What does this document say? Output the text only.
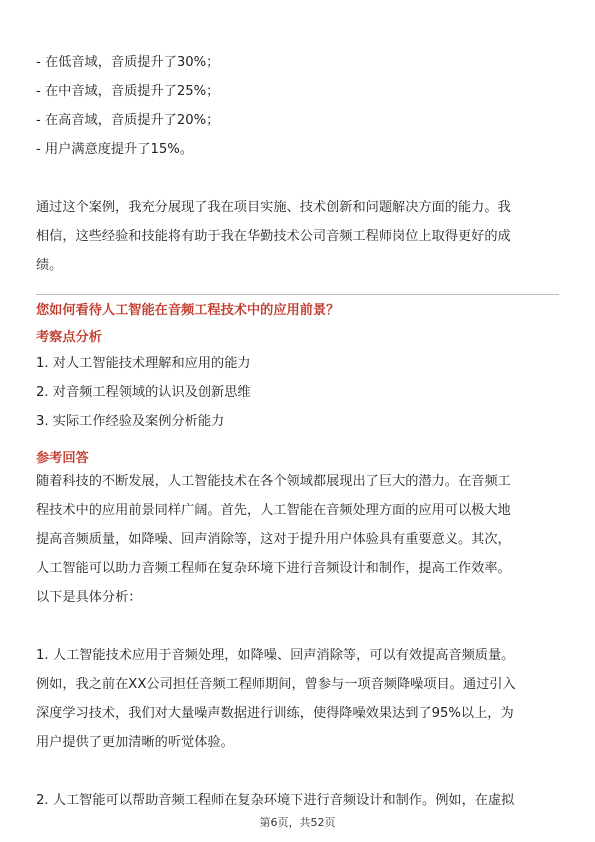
- 在低音域，音质提升了30%；
- 在中音域，音质提升了25%；
- 在高音域，音质提升了20%；
- 用户满意度提升了15%。
通过这个案例，我充分展现了我在项目实施、技术创新和问题解决方面的能力。我
相信，这些经验和技能将有助于我在华勤技术公司音频工程师岗位上取得更好的成
绩。
您如何看待人工智能在音频工程技术中的应用前景？
考察点分析
1. 对人工智能技术理解和应用的能力
2. 对音频工程领域的认识及创新思维
3. 实际工作经验及案例分析能力
参考回答
随着科技的不断发展，人工智能技术在各个领域都展现出了巨大的潜力。在音频工
程技术中的应用前景同样广阔。首先，人工智能在音频处理方面的应用可以极大地
提高音频质量，如降噪、回声消除等，这对于提升用户体验具有重要意义。其次，
人工智能可以助力音频工程师在复杂环境下进行音频设计和制作，提高工作效率。
以下是具体分析：
1. 人工智能技术应用于音频处理，如降噪、回声消除等，可以有效提高音频质量。
例如，我之前在XX公司担任音频工程师期间，曾参与一项音频降噪项目。通过引入
深度学习技术，我们对大量噪声数据进行训练，使得降噪效果达到了95%以上，为
用户提供了更加清晰的听觉体验。
2. 人工智能可以帮助音频工程师在复杂环境下进行音频设计和制作。例如，在虚拟
第6页，共52页
